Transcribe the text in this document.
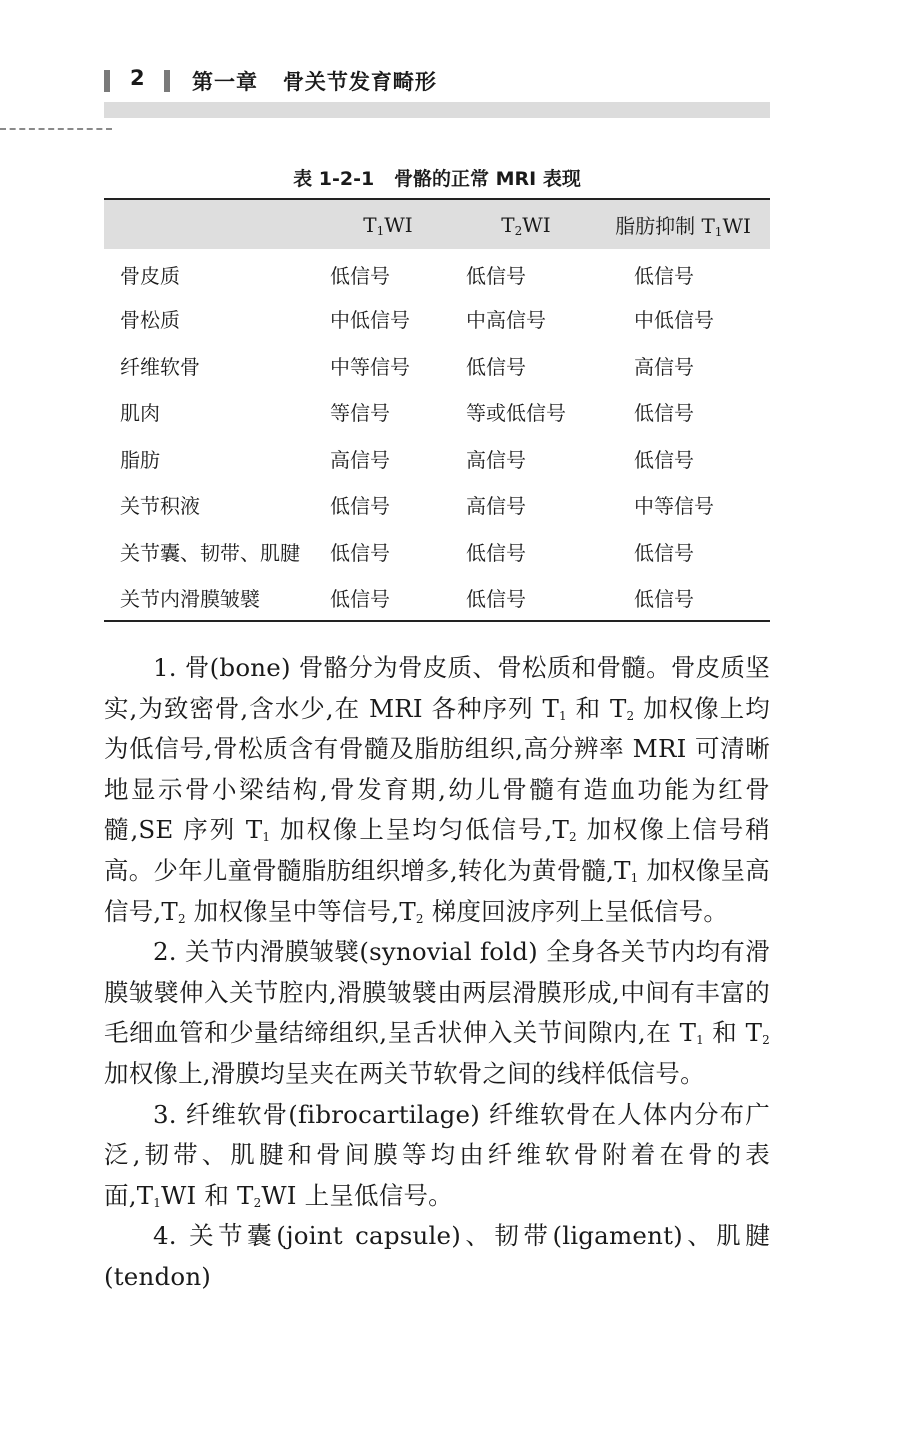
2 第一章   骨关节发育畸形
表 1-2-1   骨骼的正常 MRI 表现
	$T_1WI$	$T_2WI$	脂肪抑制 $T_1WI$
骨皮质	低信号	低信号	低信号
骨松质	中低信号	中高信号	中低信号
纤维软骨	中等信号	低信号	高信号
肌肉	等信号	等或低信号	低信号
脂肪	高信号	高信号	低信号
关节积液	低信号	高信号	中等信号
关节囊、韧带、肌腱	低信号	低信号	低信号
关节内滑膜皱襞	低信号	低信号	低信号

1. 骨(bone) 骨骼分为骨皮质、骨松质和骨髓。骨皮质坚实,为致密骨,含水少,在 MRI 各种序列 $T_1$ 和 $T_2$ 加权像上均为低信号,骨松质含有骨髓及脂肪组织,高分辨率 MRI 可清晰地显示骨小梁结构,骨发育期,幼儿骨髓有造血功能为红骨髓,SE 序列 $T_1$ 加权像上呈均匀低信号$,T_2$ 加权像上信号稍高。少年儿童骨髓脂肪组织增多,转化为黄骨髓$,T_1$ 加权像呈高信号$,T_2$ 加权像呈中等信号$,T_2$ 梯度回波序列上呈低信号。

2. 关节内滑膜皱襞(synovial fold) 全身各关节内均有滑膜皱襞伸入关节腔内,滑膜皱襞由两层滑膜形成,中间有丰富的毛细血管和少量结缔组织,呈舌状伸入关节间隙内,在 $T_1$ 和 $T_2$ 加权像上,滑膜均呈夹在两关节软骨之间的线样低信号。

3. 纤维软骨(fibrocartilage) 纤维软骨在人体内分布广泛,韧带、肌腱和骨间膜等均由纤维软骨附着在骨的表面$,T_1WI$ 和 $T_2WI$ 上呈低信号。

4. 关节囊(joint capsule)、韧带(ligament)、肌腱(tendon)
